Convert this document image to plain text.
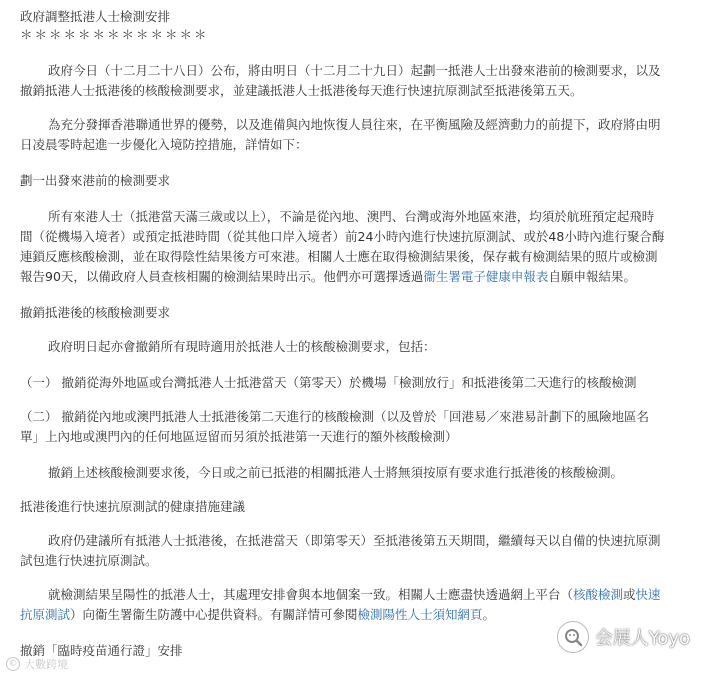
政府調整抵港人士檢測安排

＊＊＊＊＊＊＊＊＊＊＊＊＊

政府今日（十二月二十八日）公布，將由明日（十二月二十九日）起劃一抵港人士出發來港前的檢測要求，以及

撤銷抵港人士抵港後的核酸檢測要求，並建議抵港人士抵港後每天進行快速抗原測試至抵港後第五天。

為充分發揮香港聯通世界的優勢，以及進備與內地恢復人員往來，在平衡風險及經濟動力的前提下，政府將由明

日凌晨零時起進一步優化入境防控措施，詳情如下：

劃一出發來港前的檢測要求

所有來港人士（抵港當天滿三歲或以上），不論是從內地、澳門、台灣或海外地區來港，均須於航班預定起飛時

間（從機場入境者）或預定抵港時間（從其他口岸入境者）前24小時內進行快速抗原測試、或於48小時內進行聚合酶

連鎖反應核酸檢測，並在取得陰性結果後方可來港。相關人士應在取得檢測結果後，保存載有檢測結果的照片或檢測

報告90天，以備政府人員查核相關的檢測結果時出示。他們亦可選擇透過衞生署電子健康申報表自願申報結果。

撤銷抵港後的核酸檢測要求

政府明日起亦會撤銷所有現時適用於抵港人士的核酸檢測要求，包括：

（一） 撤銷從海外地區或台灣抵港人士抵港當天（第零天）於機場「檢測放行」和抵港後第二天進行的核酸檢測

（二） 撤銷從內地或澳門抵港人士抵港後第二天進行的核酸檢測（以及曾於「回港易／來港易計劃下的風險地區名

單」上內地或澳門內的任何地區逗留而另須於抵港第一天進行的額外核酸檢測）

撤銷上述核酸檢測要求後，今日或之前已抵港的相關抵港人士將無須按原有要求進行抵港後的核酸檢測。

抵港後進行快速抗原測試的健康措施建議

政府仍建議所有抵港人士抵港後，在抵港當天（即第零天）至抵港後第五天期間，繼續每天以自備的快速抗原測

試包進行快速抗原測試。

就檢測結果呈陽性的抵港人士，其處理安排會與本地個案一致。相關人士應盡快透過網上平台（核酸檢測或快速

抗原測試）向衞生署衞生防護中心提供資料。有關詳情可參閱檢測陽性人士須知網頁。

撤銷「臨時疫苗通行證」安排

会展人Yoyo
© 大數跨境
